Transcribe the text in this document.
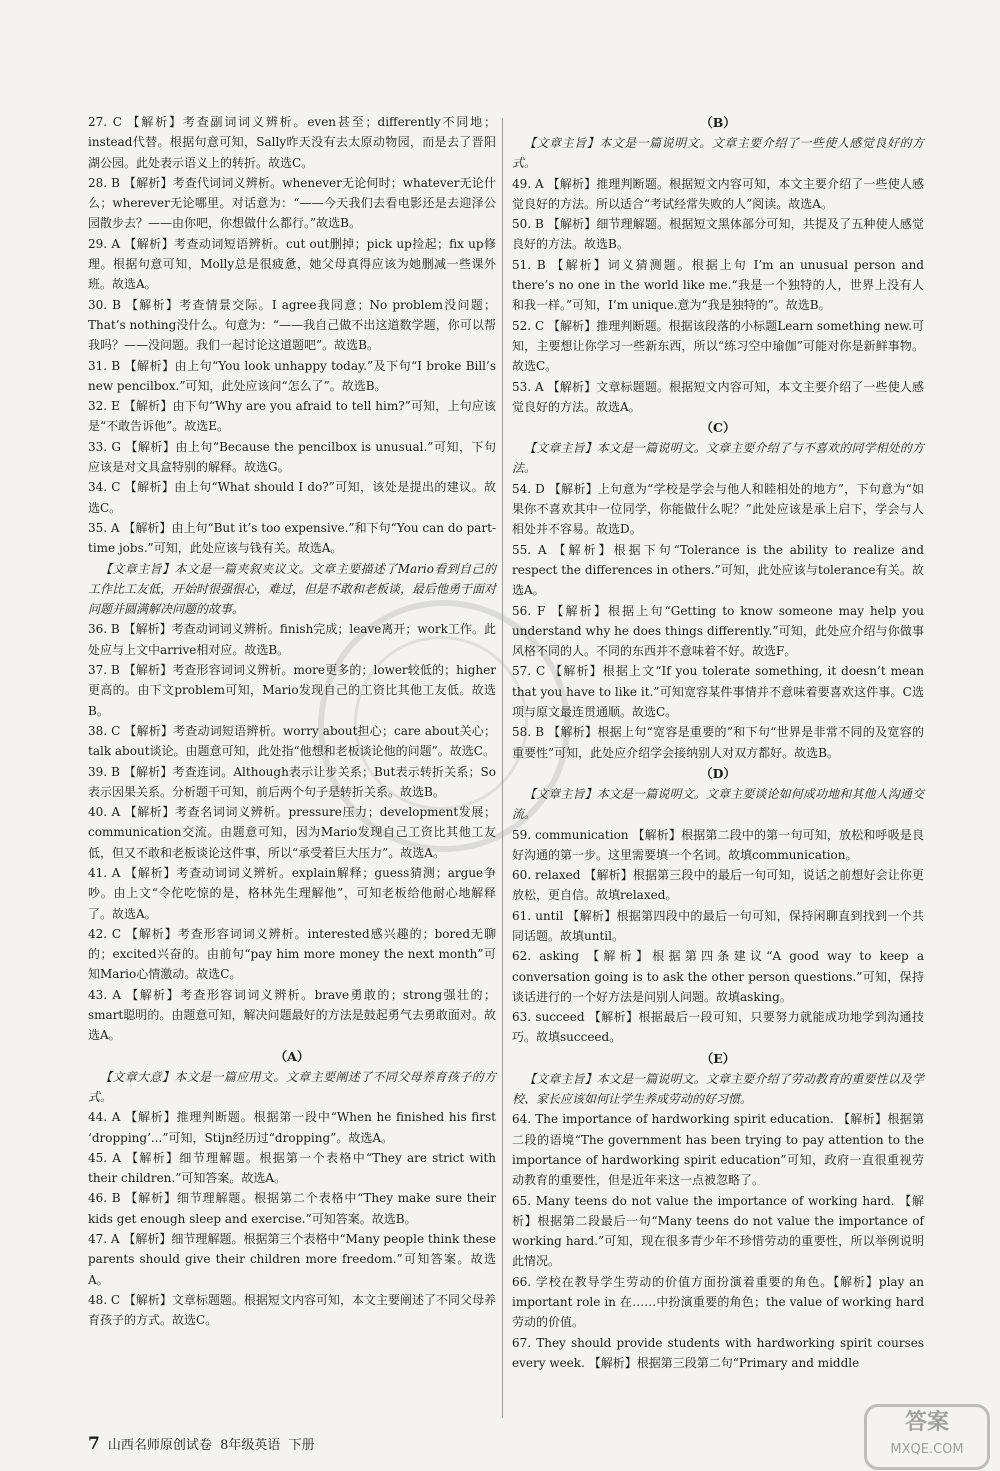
27. C 【解析】考查副词词义辨析。even甚至；differently不同地；instead代替。根据句意可知，Sally昨天没有去太原动物园，而是去了晋阳湖公园。此处表示语义上的转折。故选C。

28. B 【解析】考查代词词义辨析。whenever无论何时；whatever无论什么；wherever无论哪里。对话意为：“——今天我们去看电影还是去迎泽公园散步去？——由你吧，你想做什么都行。”故选B。

29. A 【解析】考查动词短语辨析。cut out删掉；pick up捡起；fix up修理。根据句意可知，Molly总是很疲惫，她父母真得应该为她删减一些课外班。故选A。

30. B 【解析】考查情景交际。I agree我同意；No problem没问题；That’s nothing没什么。句意为：“——我自己做不出这道数学题，你可以帮我吗？——没问题。我们一起讨论这道题吧”。故选B。

31. B 【解析】由上句“You look unhappy today.”及下句“I broke Bill’s new pencilbox.”可知，此处应该问“怎么了”。故选B。

32. E 【解析】由下句“Why are you afraid to tell him?”可知，上句应该是“不敢告诉他”。故选E。

33. G 【解析】由上句“Because the pencilbox is unusual.”可知，下句应该是对文具盒特别的解释。故选G。

34. C 【解析】由上句“What should I do?”可知，该处是提出的建议。故选C。

35. A 【解析】由上句“But it’s too expensive.”和下句“You can do part-time jobs.”可知，此处应该与钱有关。故选A。

【文章主旨】本文是一篇夹叙夹议文。文章主要描述了Mario看到自己的工作比工友低，开始时很强很心，难过，但是不敢和老板谈，最后他勇于面对问题并圆满解决问题的故事。

36. B 【解析】考查动词词义辨析。finish完成；leave离开；work工作。此处应与上文中arrive相对应。故选B。

37. B 【解析】考查形容词词义辨析。more更多的；lower较低的；higher更高的。由下文problem可知，Mario发现自己的工资比其他工友低。故选B。

38. C 【解析】考查动词短语辨析。worry about担心；care about关心；talk about谈论。由题意可知，此处指“他想和老板谈论他的问题”。故选C。

39. B 【解析】考查连词。Although表示让步关系；But表示转折关系；So表示因果关系。分析题干可知，前后两个句子是转折关系。故选B。

40. A 【解析】考查名词词义辨析。pressure压力；development发展；communication交流。由题意可知，因为Mario发现自己工资比其他工友低，但又不敢和老板谈论这件事，所以“承受着巨大压力”。故选A。

41. A 【解析】考查动词词义辨析。explain解释；guess猜测；argue争吵。由上文“令佗吃惊的是，格林先生理解他”，可知老板给他耐心地解释了。故选A。

42. C 【解析】考查形容词词义辨析。interested感兴趣的；bored无聊的；excited兴奋的。由前句“pay him more money the next month”可知Mario心情激动。故选C。

43. A 【解析】考查形容词词义辨析。brave勇敢的；strong强壮的；smart聪明的。由题意可知，解决问题最好的方法是鼓起勇气去勇敢面对。故选A。

（A）

【文章大意】本文是一篇应用文。文章主要阐述了不同父母养育孩子的方式。

44. A 【解析】推理判断题。根据第一段中“When he finished his first ‘dropping’...”可知，Stijn经历过“dropping”。故选A。

45. A 【解析】细节理解题。根据第一个表格中“They are strict with their children.”可知答案。故选A。

46. B 【解析】细节理解题。根据第二个表格中“They make sure their kids get enough sleep and exercise.”可知答案。故选B。

47. A 【解析】细节理解题。根据第三个表格中“Many people think these parents should give their children more freedom.”可知答案。故选A。

48. C 【解析】文章标题题。根据短文内容可知，本文主要阐述了不同父母养育孩子的方式。故选C。

（B）

【文章主旨】本文是一篇说明文。文章主要介绍了一些使人感觉良好的方式。

49. A 【解析】推理判断题。根据短文内容可知，本文主要介绍了一些使人感觉良好的方法。所以适合“考试经常失败的人”阅读。故选A。

50. B 【解析】细节理解题。根据短文黑体部分可知，共提及了五种使人感觉良好的方法。故选B。

51. B 【解析】词义猜测题。根据上句 I’m an unusual person and there’s no one in the world like me.“我是一个独特的人，世界上没有人和我一样。”可知，I’m unique.意为“我是独特的”。故选B。

52. C 【解析】推理判断题。根据该段落的小标题Learn something new.可知，主要想让你学习一些新东西，所以“练习空中瑜伽”可能对你是新鲜事物。故选C。

53. A 【解析】文章标题题。根据短文内容可知，本文主要介绍了一些使人感觉良好的方法。故选A。

（C）

【文章主旨】本文是一篇说明文。文章主要介绍了与不喜欢的同学相处的方法。

54. D 【解析】上句意为“学校是学会与他人和睦相处的地方”，下句意为“如果你不喜欢其中一位同学，你能做什么呢？”此处应该是承上启下，学会与人相处并不容易。故选D。

55. A 【解析】根据下句“Tolerance is the ability to realize and respect the differences in others.”可知，此处应该与tolerance有关。故选A。

56. F 【解析】根据上句“Getting to know someone may help you understand why he does things differently.”可知，此处应介绍与你做事风格不同的人。不同的东西并不意味着不好。故选F。

57. C 【解析】根据上文“If you tolerate something, it doesn’t mean that you have to like it.”可知宽容某件事情并不意味着要喜欢这件事。C选项与原文最连贯通顺。故选C。

58. B 【解析】根据上句“宽容是重要的”和下句“世界是非常不同的及宽容的重要性”可知，此处应介绍学会接纳别人对双方都好。故选B。

（D）

【文章主旨】本文是一篇说明文。文章主要谈论如何成功地和其他人沟通交流。

59. communication 【解析】根据第二段中的第一句可知，放松和呼吸是良好沟通的第一步。这里需要填一个名词。故填communication。

60. relaxed 【解析】根据第三段中的最后一句可知，说话之前想好会让你更放松，更自信。故填relaxed。

61. until 【解析】根据第四段中的最后一句可知，保持闲聊直到找到一个共同话题。故填until。

62. asking 【解析】根据第四条建议“A good way to keep a conversation going is to ask the other person questions.”可知，保持谈话进行的一个好方法是问别人问题。故填asking。

63. succeed 【解析】根据最后一段可知，只要努力就能成功地学到沟通技巧。故填succeed。

（E）

【文章主旨】本文是一篇说明文。文章主要介绍了劳动教育的重要性以及学校、家长应该如何让学生养成劳动的好习惯。

64. The importance of hardworking spirit education. 【解析】根据第二段的语境“The government has been trying to pay attention to the importance of hardworking spirit education”可知，政府一直很重视劳动教育的重要性，但是近年来这一点被忽略了。

65. Many teens do not value the importance of working hard. 【解析】根据第二段最后一句“Many teens do not value the importance of working hard.”可知，现在很多青少年不珍惜劳动的重要性，所以举例说明此情况。

66. 学校在教导学生劳动的价值方面扮演着重要的角色。【解析】play an important role in 在……中扮演重要的角色；the value of working hard 劳动的价值。

67. They should provide students with hardworking spirit courses every week. 【解析】根据第三段第二句“Primary and middle

7 山西名师原创试卷  8年级英语  下册
答案
MXQE.COM
